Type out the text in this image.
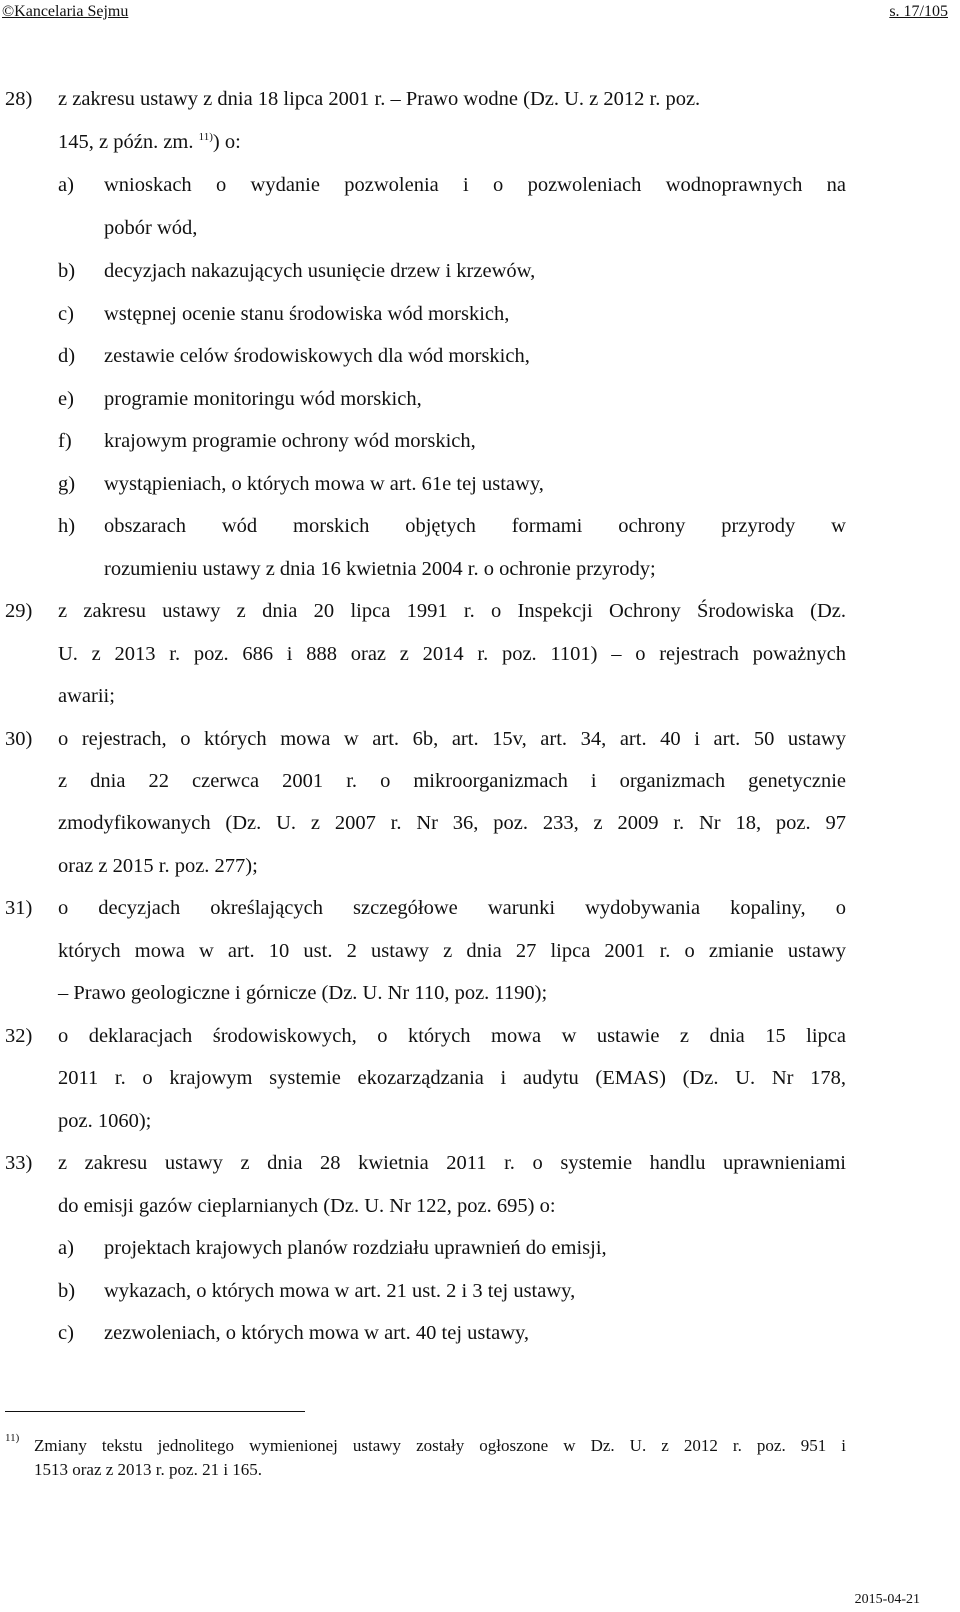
©Kancelaria Sejmu	s. 17/105
28) z zakresu ustawy z dnia 18 lipca 2001 r. – Prawo wodne (Dz. U. z 2012 r. poz.
145, z późn. zm. $^{11)}$) o:
a) wnioskach o wydanie pozwolenia i o pozwoleniach wodnoprawnych na
pobór wód,
b) decyzjach nakazujących usunięcie drzew i krzewów,
c) wstępnej ocenie stanu środowiska wód morskich,
d) zestawie celów środowiskowych dla wód morskich,
e) programie monitoringu wód morskich,
f) krajowym programie ochrony wód morskich,
g) wystąpieniach, o których mowa w art. 61e tej ustawy,
h) obszarach wód morskich objętych formami ochrony przyrody w
rozumieniu ustawy z dnia 16 kwietnia 2004 r. o ochronie przyrody;
29) z zakresu ustawy z dnia 20 lipca 1991 r. o Inspekcji Ochrony Środowiska (Dz.
U. z 2013 r. poz. 686 i 888 oraz z 2014 r. poz. 1101) – o rejestrach poważnych
awarii;
30) o rejestrach, o których mowa w art. 6b, art. 15v, art. 34, art. 40 i art. 50 ustawy
z dnia 22 czerwca 2001 r. o mikroorganizmach i organizmach genetycznie
zmodyfikowanych (Dz. U. z 2007 r. Nr 36, poz. 233, z 2009 r. Nr 18, poz. 97
oraz z 2015 r. poz. 277);
31) o decyzjach określających szczegółowe warunki wydobywania kopaliny, o
których mowa w art. 10 ust. 2 ustawy z dnia 27 lipca 2001 r. o zmianie ustawy
– Prawo geologiczne i górnicze (Dz. U. Nr 110, poz. 1190);
32) o deklaracjach środowiskowych, o których mowa w ustawie z dnia 15 lipca
2011 r. o krajowym systemie ekozarządzania i audytu (EMAS) (Dz. U. Nr 178,
poz. 1060);
33) z zakresu ustawy z dnia 28 kwietnia 2011 r. o systemie handlu uprawnieniami
do emisji gazów cieplarnianych (Dz. U. Nr 122, poz. 695) o:
a) projektach krajowych planów rozdziału uprawnień do emisji,
b) wykazach, o których mowa w art. 21 ust. 2 i 3 tej ustawy,
c) zezwoleniach, o których mowa w art. 40 tej ustawy,
11) Zmiany tekstu jednolitego wymienionej ustawy zostały ogłoszone w Dz. U. z 2012 r. poz. 951 i
1513 oraz z 2013 r. poz. 21 i 165.
2015-04-21
